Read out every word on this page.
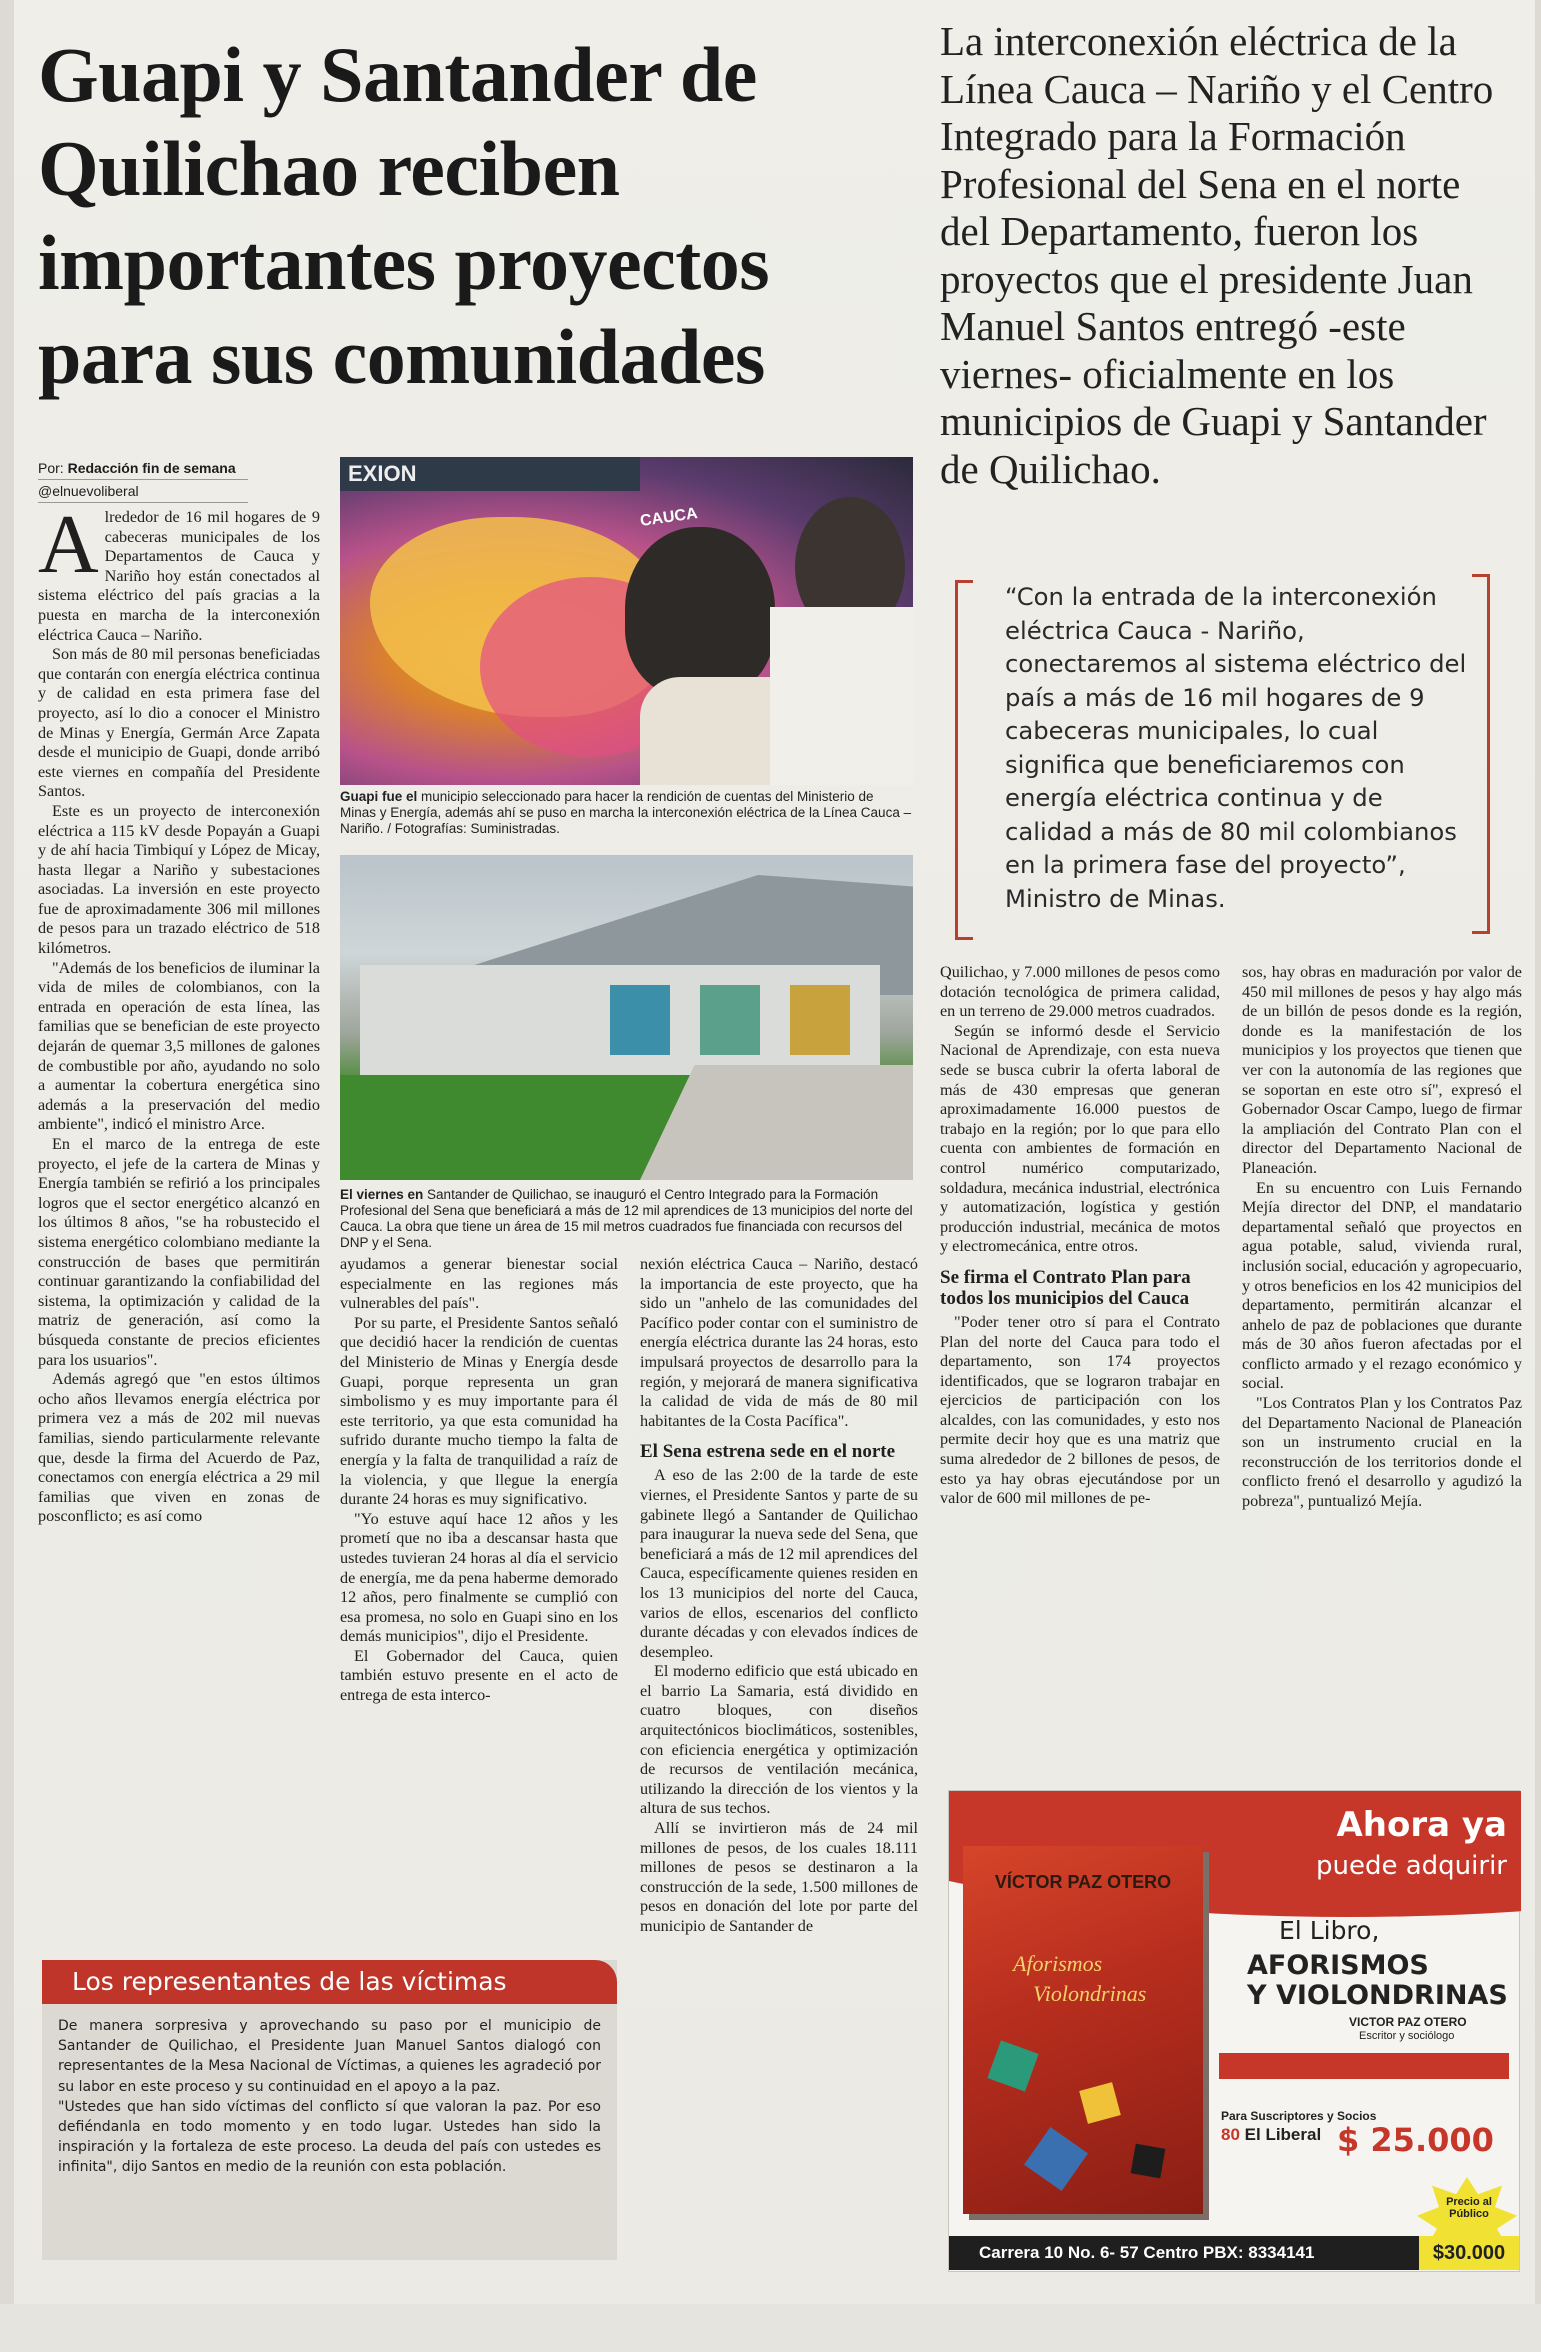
Guapi y Santander de Quilichao reciben importantes proyectos para sus comunidades
La interconexión eléctrica de la Línea Cauca – Nariño y el Centro Integrado para la Formación Profesional del Sena en el norte del Departamento, fueron los proyectos que el presidente Juan Manuel Santos entregó -este viernes- oficialmente en los municipios de Guapi y Santander de Quilichao.
Por: Redacción fin de semana
@elnuevoliberal
EXION
CAUCA
Guapi fue el municipio seleccionado para hacer la rendición de cuentas del Ministerio de Minas y Energía, además ahí se puso en marcha la interconexión eléctrica de la Línea Cauca – Nariño. / Fotografías: Suministradas.
El viernes en Santander de Quilichao, se inauguró el Centro Integrado para la Formación Profesional del Sena que beneficiará a más de 12 mil aprendices de 13 municipios del norte del Cauca. La obra que tiene un área de 15 mil metros cuadrados fue financiada con recursos del DNP y el Sena.

Alrededor de 16 mil hogares de 9 cabeceras municipales de los Departamentos de Cauca y Nariño hoy están conectados al sistema eléctrico del país gracias a la puesta en marcha de la interconexión eléctrica Cauca – Nariño.

Son más de 80 mil personas beneficiadas que contarán con energía eléctrica continua y de calidad en esta primera fase del proyecto, así lo dio a conocer el Ministro de Minas y Energía, Germán Arce Zapata desde el municipio de Guapi, donde arribó este viernes en compañía del Presidente Santos.

Este es un proyecto de interconexión eléctrica a 115 kV desde Popayán a Guapi y de ahí hacia Timbiquí y López de Micay, hasta llegar a Nariño y subestaciones asociadas. La inversión en este proyecto fue de aproximadamente 306 mil millones de pesos para un trazado eléctrico de 518 kilómetros.

"Además de los beneficios de iluminar la vida de miles de colombianos, con la entrada en operación de esta línea, las familias que se benefician de este proyecto dejarán de quemar 3,5 millones de galones de combustible por año, ayudando no solo a aumentar la cobertura energética sino además a la preservación del medio ambiente", indicó el ministro Arce.

En el marco de la entrega de este proyecto, el jefe de la cartera de Minas y Energía también se refirió a los principales logros que el sector energético alcanzó en los últimos 8 años, "se ha robustecido el sistema energético colombiano mediante la construcción de bases que permitirán continuar garantizando la confiabilidad del sistema, la optimización y calidad de la matriz de generación, así como la búsqueda constante de precios eficientes para los usuarios".

Además agregó que "en estos últimos ocho años llevamos energía eléctrica por primera vez a más de 202 mil nuevas familias, siendo particularmente relevante que, desde la firma del Acuerdo de Paz, conectamos con energía eléctrica a 29 mil familias que viven en zonas de posconflicto; es así como

ayudamos a generar bienestar social especialmente en las regiones más vulnerables del país".

Por su parte, el Presidente Santos señaló que decidió hacer la rendición de cuentas del Ministerio de Minas y Energía desde Guapi, porque representa un gran simbolismo y es muy importante para él este territorio, ya que esta comunidad ha sufrido durante mucho tiempo la falta de energía y la falta de tranquilidad a raíz de la violencia, y que llegue la energía durante 24 horas es muy significativo.

"Yo estuve aquí hace 12 años y les prometí que no iba a descansar hasta que ustedes tuvieran 24 horas al día el servicio de energía, me da pena haberme demorado 12 años, pero finalmente se cumplió con esa promesa, no solo en Guapi sino en los demás municipios", dijo el Presidente.

El Gobernador del Cauca, quien también estuvo presente en el acto de entrega de esta interco-

nexión eléctrica Cauca – Nariño, destacó la importancia de este proyecto, que ha sido un "anhelo de las comunidades del Pacífico poder contar con el suministro de energía eléctrica durante las 24 horas, esto impulsará proyectos de desarrollo para la región, y mejorará de manera significativa la calidad de vida de más de 80 mil habitantes de la Costa Pacífica".

El Sena estrena sede en el norte

A eso de las 2:00 de la tarde de este viernes, el Presidente Santos y parte de su gabinete llegó a Santander de Quilichao para inaugurar la nueva sede del Sena, que beneficiará a más de 12 mil aprendices del Cauca, específicamente quienes residen en los 13 municipios del norte del Cauca, varios de ellos, escenarios del conflicto durante décadas y con elevados índices de desempleo.

El moderno edificio que está ubicado en el barrio La Samaria, está dividido en cuatro bloques, con diseños arquitectónicos bioclimáticos, sostenibles, con eficiencia energética y optimización de recursos de ventilación mecánica, utilizando la dirección de los vientos y la altura de sus techos.

Allí se invirtieron más de 24 mil millones de pesos, de los cuales 18.111 millones de pesos se destinaron a la construcción de la sede, 1.500 millones de pesos en donación del lote por parte del municipio de Santander de

“Con la entrada de la interconexión eléctrica Cauca - Nariño, conectaremos al sistema eléctrico del país a más de 16 mil hogares de 9 cabeceras municipales, lo cual significa que beneficiaremos con energía eléctrica continua y de calidad a más de 80 mil colombianos en la primera fase del proyecto”, Ministro de Minas.

Quilichao, y 7.000 millones de pesos como dotación tecnológica de primera calidad, en un terreno de 29.000 metros cuadrados.

Según se informó desde el Servicio Nacional de Aprendizaje, con esta nueva sede se busca cubrir la oferta laboral de más de 430 empresas que generan aproximadamente 16.000 puestos de trabajo en la región; por lo que para ello cuenta con ambientes de formación en control numérico computarizado, soldadura, mecánica industrial, electrónica y automatización, logística y gestión producción industrial, mecánica de motos y electromecánica, entre otros.

Se firma el Contrato Plan para todos los municipios del Cauca

"Poder tener otro sí para el Contrato Plan del norte del Cauca para todo el departamento, son 174 proyectos identificados, que se lograron trabajar en ejercicios de participación con los alcaldes, con las comunidades, y esto nos permite decir hoy que es una matriz que suma alrededor de 2 billones de pesos, de esto ya hay obras ejecutándose por un valor de 600 mil millones de pe-

sos, hay obras en maduración por valor de 450 mil millones de pesos y hay algo más de un billón de pesos donde es la región, donde es la manifestación de los municipios y los proyectos que tienen que ver con la autonomía de las regiones que se soportan en este otro sí", expresó el Gobernador Oscar Campo, luego de firmar la ampliación del Contrato Plan con el director del Departamento Nacional de Planeación.

En su encuentro con Luis Fernando Mejía director del DNP, el mandatario departamental señaló que proyectos en agua potable, salud, vivienda rural, inclusión social, educación y agropecuario, y otros beneficios en los 42 municipios del departamento, permitirán alcanzar el anhelo de paz de poblaciones que durante más de 30 años fueron afectadas por el conflicto armado y el rezago económico y social.

"Los Contratos Plan y los Contratos Paz del Departamento Nacional de Planeación son un instrumento crucial en la reconstrucción de los territorios donde el conflicto frenó el desarrollo y agudizó la pobreza", puntualizó Mejía.

Los representantes de las víctimas

De manera sorpresiva y aprovechando su paso por el municipio de Santander de Quilichao, el Presidente Juan Manuel Santos dialogó con representantes de la Mesa Nacional de Víctimas, a quienes les agradeció por su labor en este proceso y su continuidad en el apoyo a la paz.

"Ustedes que han sido víctimas del conflicto sí que valoran la paz. Por eso defiéndanla en todo momento y en todo lugar. Ustedes han sido la inspiración y la fortaleza de este proceso. La deuda del país con ustedes es infinita", dijo Santos en medio de la reunión con esta población.

Ahora ya
puede adquirir
VÍCTOR PAZ OTERO
Aforismos
Violondrinas
El Libro,
AFORISMOS
Y VIOLONDRINAS
VICTOR PAZ OTERO
Escritor y sociólogo
Para Suscriptores y Socios
80 El Liberal $ 25.000
Precio al Público
Carrera 10 No. 6- 57 Centro PBX: 8334141	$30.000
